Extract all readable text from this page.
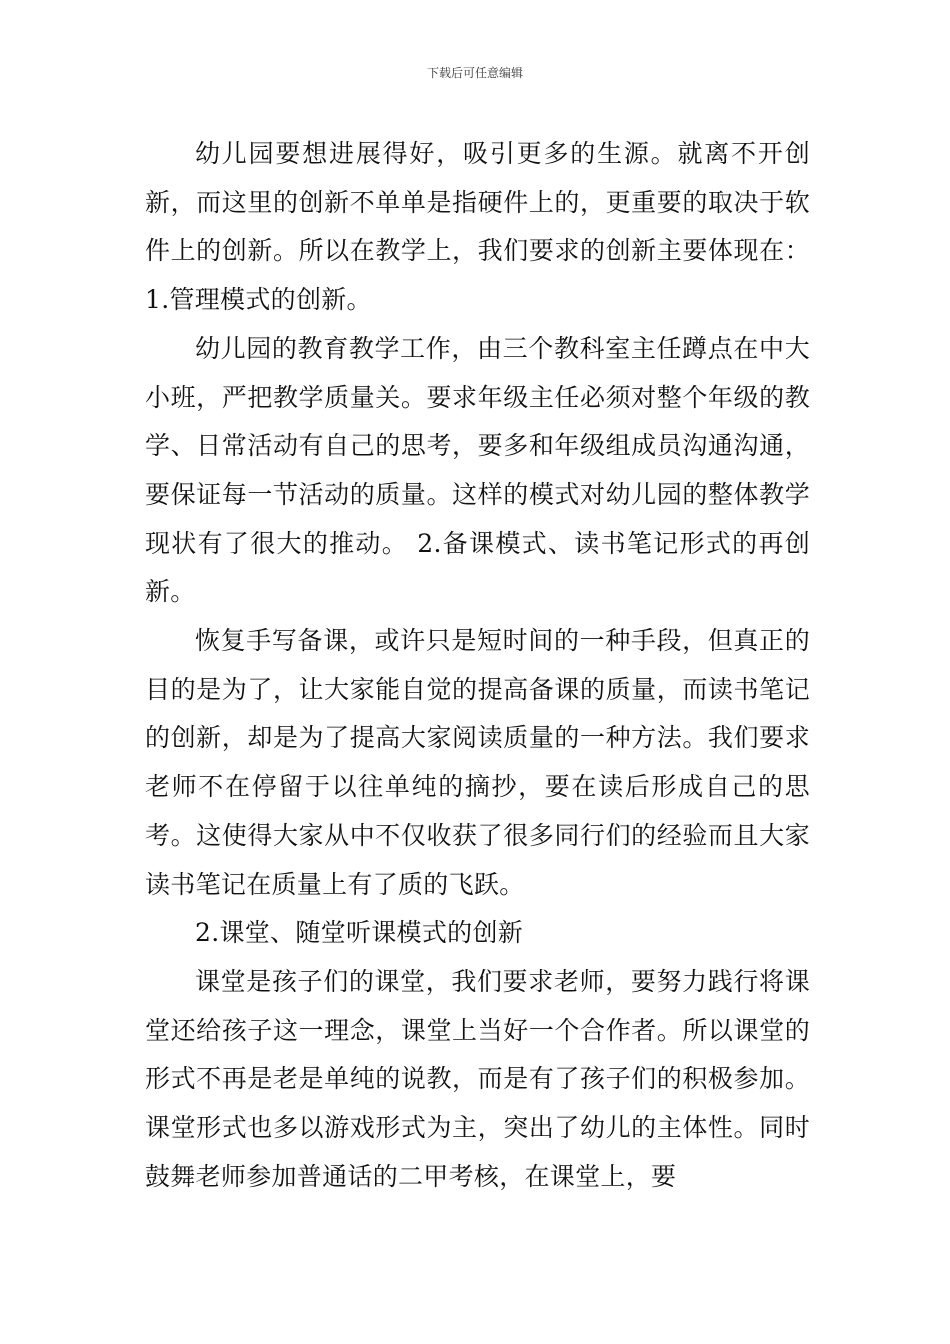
下载后可任意编辑

幼儿园要想进展得好，吸引更多的生源。就离不开创新，而这里的创新不单单是指硬件上的，更重要的取决于软件上的创新。所以在教学上，我们要求的创新主要体现在： 1.管理模式的创新。

幼儿园的教育教学工作，由三个教科室主任蹲点在中大小班，严把教学质量关。要求年级主任必须对整个年级的教学、日常活动有自己的思考，要多和年级组成员沟通沟通，要保证每一节活动的质量。这样的模式对幼儿园的整体教学现状有了很大的推动。 2.备课模式、读书笔记形式的再创新。

恢复手写备课，或许只是短时间的一种手段，但真正的目的是为了，让大家能自觉的提高备课的质量，而读书笔记的创新，却是为了提高大家阅读质量的一种方法。我们要求老师不在停留于以往单纯的摘抄，要在读后形成自己的思考。这使得大家从中不仅收获了很多同行们的经验而且大家读书笔记在质量上有了质的飞跃。

2.课堂、随堂听课模式的创新

课堂是孩子们的课堂，我们要求老师，要努力践行将课堂还给孩子这一理念，课堂上当好一个合作者。所以课堂的形式不再是老是单纯的说教，而是有了孩子们的积极参加。课堂形式也多以游戏形式为主，突出了幼儿的主体性。同时鼓舞老师参加普通话的二甲考核，在课堂上，要
